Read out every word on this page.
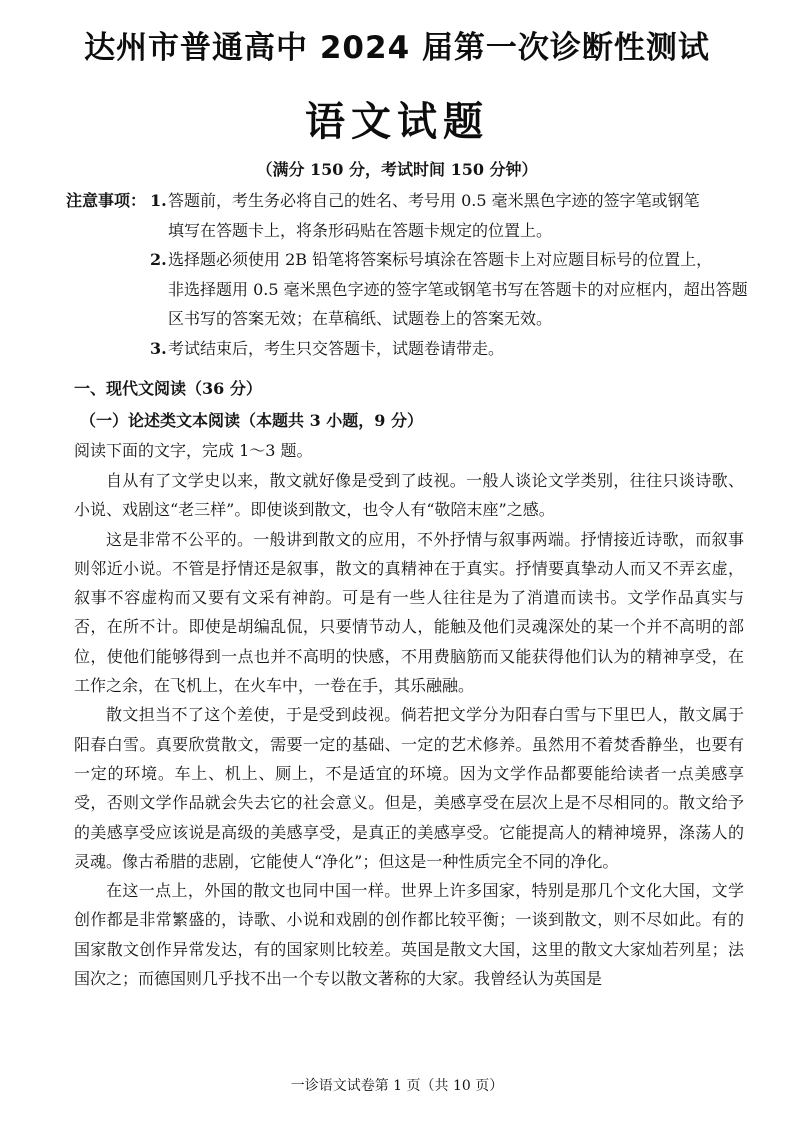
达州市普通高中 2024 届第一次诊断性测试
语文试题
（满分 150 分，考试时间 150 分钟）
注意事项： 1.答题前，考生务必将自己的姓名、考号用 0.5 毫米黑色字迹的签字笔或钢笔
填写在答题卡上，将条形码贴在答题卡规定的位置上。
2.选择题必须使用 2B 铅笔将答案标号填涂在答题卡上对应题目标号的位置上，
非选择题用 0.5 毫米黑色字迹的签字笔或钢笔书写在答题卡的对应框内，超出答题区书写的答案无效；在草稿纸、试题卷上的答案无效。
3.考试结束后，考生只交答题卡，试题卷请带走。
一、现代文阅读（36 分）
（一）论述类文本阅读（本题共 3 小题，9 分）
阅读下面的文字，完成 1～3 题。

自从有了文学史以来，散文就好像是受到了歧视。一般人谈论文学类别，往往只谈诗歌、小说、戏剧这“老三样”。即使谈到散文，也令人有“敬陪末座”之感。

这是非常不公平的。一般讲到散文的应用，不外抒情与叙事两端。抒情接近诗歌，而叙事则邻近小说。不管是抒情还是叙事，散文的真精神在于真实。抒情要真挚动人而又不弄玄虚，叙事不容虚构而又要有文采有神韵。可是有一些人往往是为了消遣而读书。文学作品真实与否，在所不计。即使是胡编乱侃，只要情节动人，能触及他们灵魂深处的某一个并不高明的部位，使他们能够得到一点也并不高明的快感，不用费脑筋而又能获得他们认为的精神享受，在工作之余，在飞机上，在火车中，一卷在手，其乐融融。

散文担当不了这个差使，于是受到歧视。倘若把文学分为阳春白雪与下里巴人，散文属于阳春白雪。真要欣赏散文，需要一定的基础、一定的艺术修养。虽然用不着焚香静坐，也要有一定的环境。车上、机上、厕上，不是适宜的环境。因为文学作品都要能给读者一点美感享受，否则文学作品就会失去它的社会意义。但是，美感享受在层次上是不尽相同的。散文给予的美感享受应该说是高级的美感享受，是真正的美感享受。它能提高人的精神境界，涤荡人的灵魂。像古希腊的悲剧，它能使人“净化”；但这是一种性质完全不同的净化。

在这一点上，外国的散文也同中国一样。世界上许多国家，特别是那几个文化大国，文学创作都是非常繁盛的，诗歌、小说和戏剧的创作都比较平衡；一谈到散文，则不尽如此。有的国家散文创作异常发达，有的国家则比较差。英国是散文大国，这里的散文大家灿若列星；法国次之；而德国则几乎找不出一个专以散文著称的大家。我曾经认为英国是

一诊语文试卷第 1 页（共 10 页）
